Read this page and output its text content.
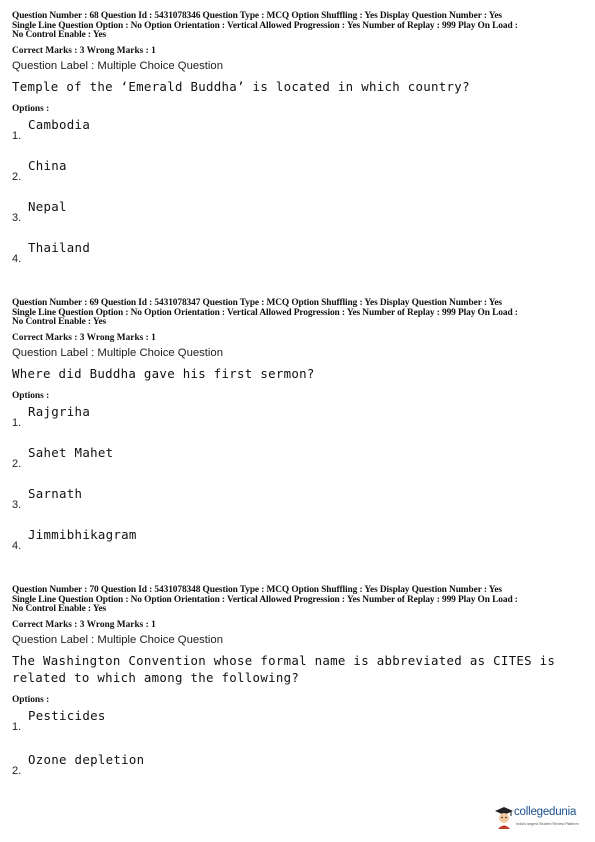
Question Number : 68 Question Id : 5431078346 Question Type : MCQ Option Shuffling : Yes Display Question Number : Yes
Single Line Question Option : No Option Orientation : Vertical Allowed Progression : Yes Number of Replay : 999 Play On Load :
No Control Enable : Yes
Correct Marks : 3 Wrong Marks : 1
Question Label : Multiple Choice Question
Temple of the ‘Emerald Buddha’ is located in which country?
Options :
1.
Cambodia
2.
China
3.
Nepal
4.
Thailand
Question Number : 69 Question Id : 5431078347 Question Type : MCQ Option Shuffling : Yes Display Question Number : Yes
Single Line Question Option : No Option Orientation : Vertical Allowed Progression : Yes Number of Replay : 999 Play On Load :
No Control Enable : Yes
Correct Marks : 3 Wrong Marks : 1
Question Label : Multiple Choice Question
Where did Buddha gave his first sermon?
Options :
1.
Rajgriha
2.
Sahet Mahet
3.
Sarnath
4.
Jimmibhikagram
Question Number : 70 Question Id : 5431078348 Question Type : MCQ Option Shuffling : Yes Display Question Number : Yes
Single Line Question Option : No Option Orientation : Vertical Allowed Progression : Yes Number of Replay : 999 Play On Load :
No Control Enable : Yes
Correct Marks : 3 Wrong Marks : 1
Question Label : Multiple Choice Question
The Washington Convention whose formal name is abbreviated as CITES is
related to which among the following?
Options :
1.
Pesticides
2.
Ozone depletion
collegedunia
India's largest Student Review Platform
